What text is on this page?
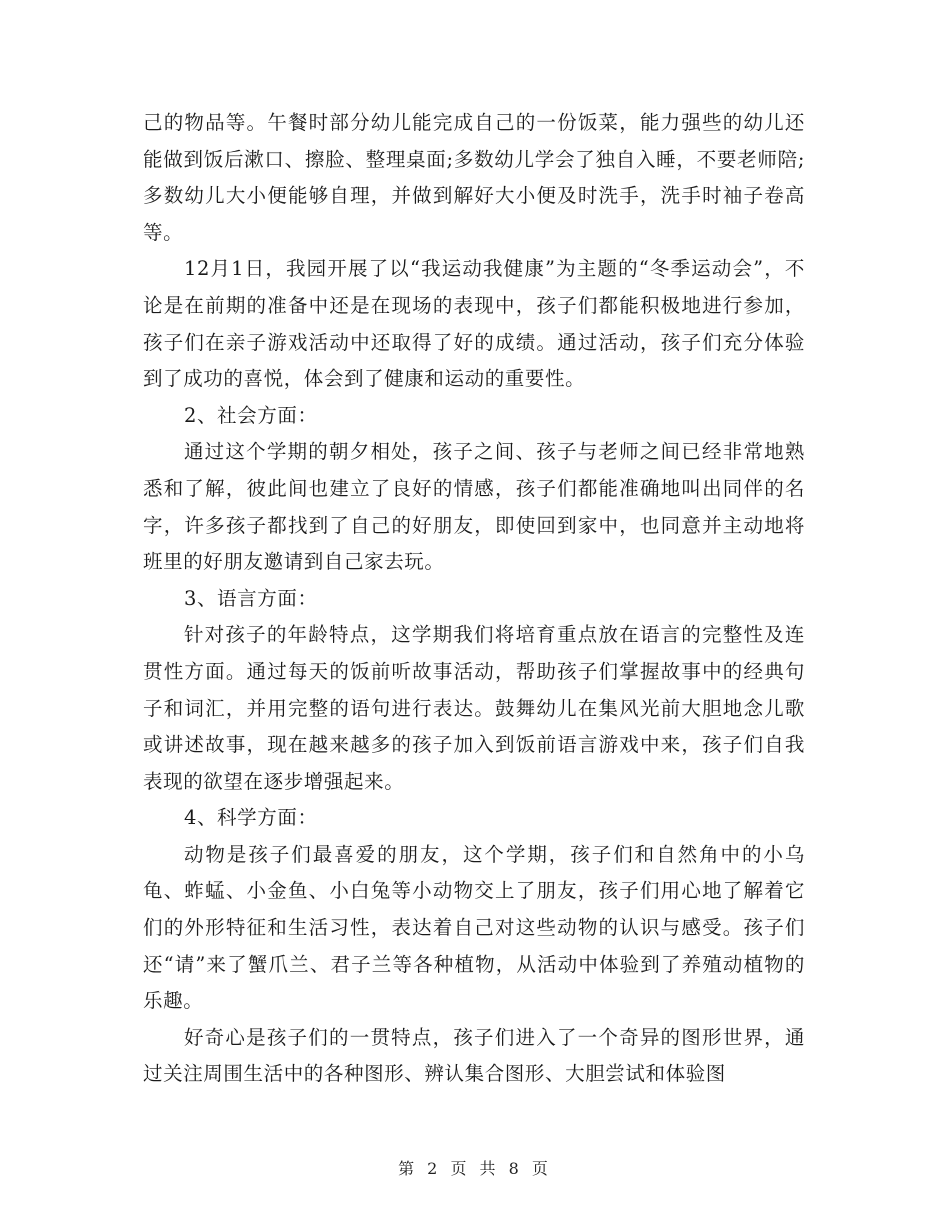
己的物品等。午餐时部分幼儿能完成自己的一份饭菜，能力强些的幼儿还能做到饭后漱口、擦脸、整理桌面;多数幼儿学会了独自入睡，不要老师陪;多数幼儿大小便能够自理，并做到解好大小便及时洗手，洗手时袖子卷高等。

12月1日，我园开展了以“我运动我健康”为主题的“冬季运动会”，不论是在前期的准备中还是在现场的表现中，孩子们都能积极地进行参加，孩子们在亲子游戏活动中还取得了好的成绩。通过活动，孩子们充分体验到了成功的喜悦，体会到了健康和运动的重要性。

2、社会方面：

通过这个学期的朝夕相处，孩子之间、孩子与老师之间已经非常地熟悉和了解，彼此间也建立了良好的情感，孩子们都能准确地叫出同伴的名字，许多孩子都找到了自己的好朋友，即使回到家中，也同意并主动地将班里的好朋友邀请到自己家去玩。

3、语言方面：

针对孩子的年龄特点，这学期我们将培育重点放在语言的完整性及连贯性方面。通过每天的饭前听故事活动，帮助孩子们掌握故事中的经典句子和词汇，并用完整的语句进行表达。鼓舞幼儿在集风光前大胆地念儿歌或讲述故事，现在越来越多的孩子加入到饭前语言游戏中来，孩子们自我表现的欲望在逐步增强起来。

4、科学方面：

动物是孩子们最喜爱的朋友，这个学期，孩子们和自然角中的小乌龟、蚱蜢、小金鱼、小白兔等小动物交上了朋友，孩子们用心地了解着它们的外形特征和生活习性，表达着自己对这些动物的认识与感受。孩子们还“请”来了蟹爪兰、君子兰等各种植物，从活动中体验到了养殖动植物的乐趣。

好奇心是孩子们的一贯特点，孩子们进入了一个奇异的图形世界，通过关注周围生活中的各种图形、辨认集合图形、大胆尝试和体验图

第 2 页 共 8 页
